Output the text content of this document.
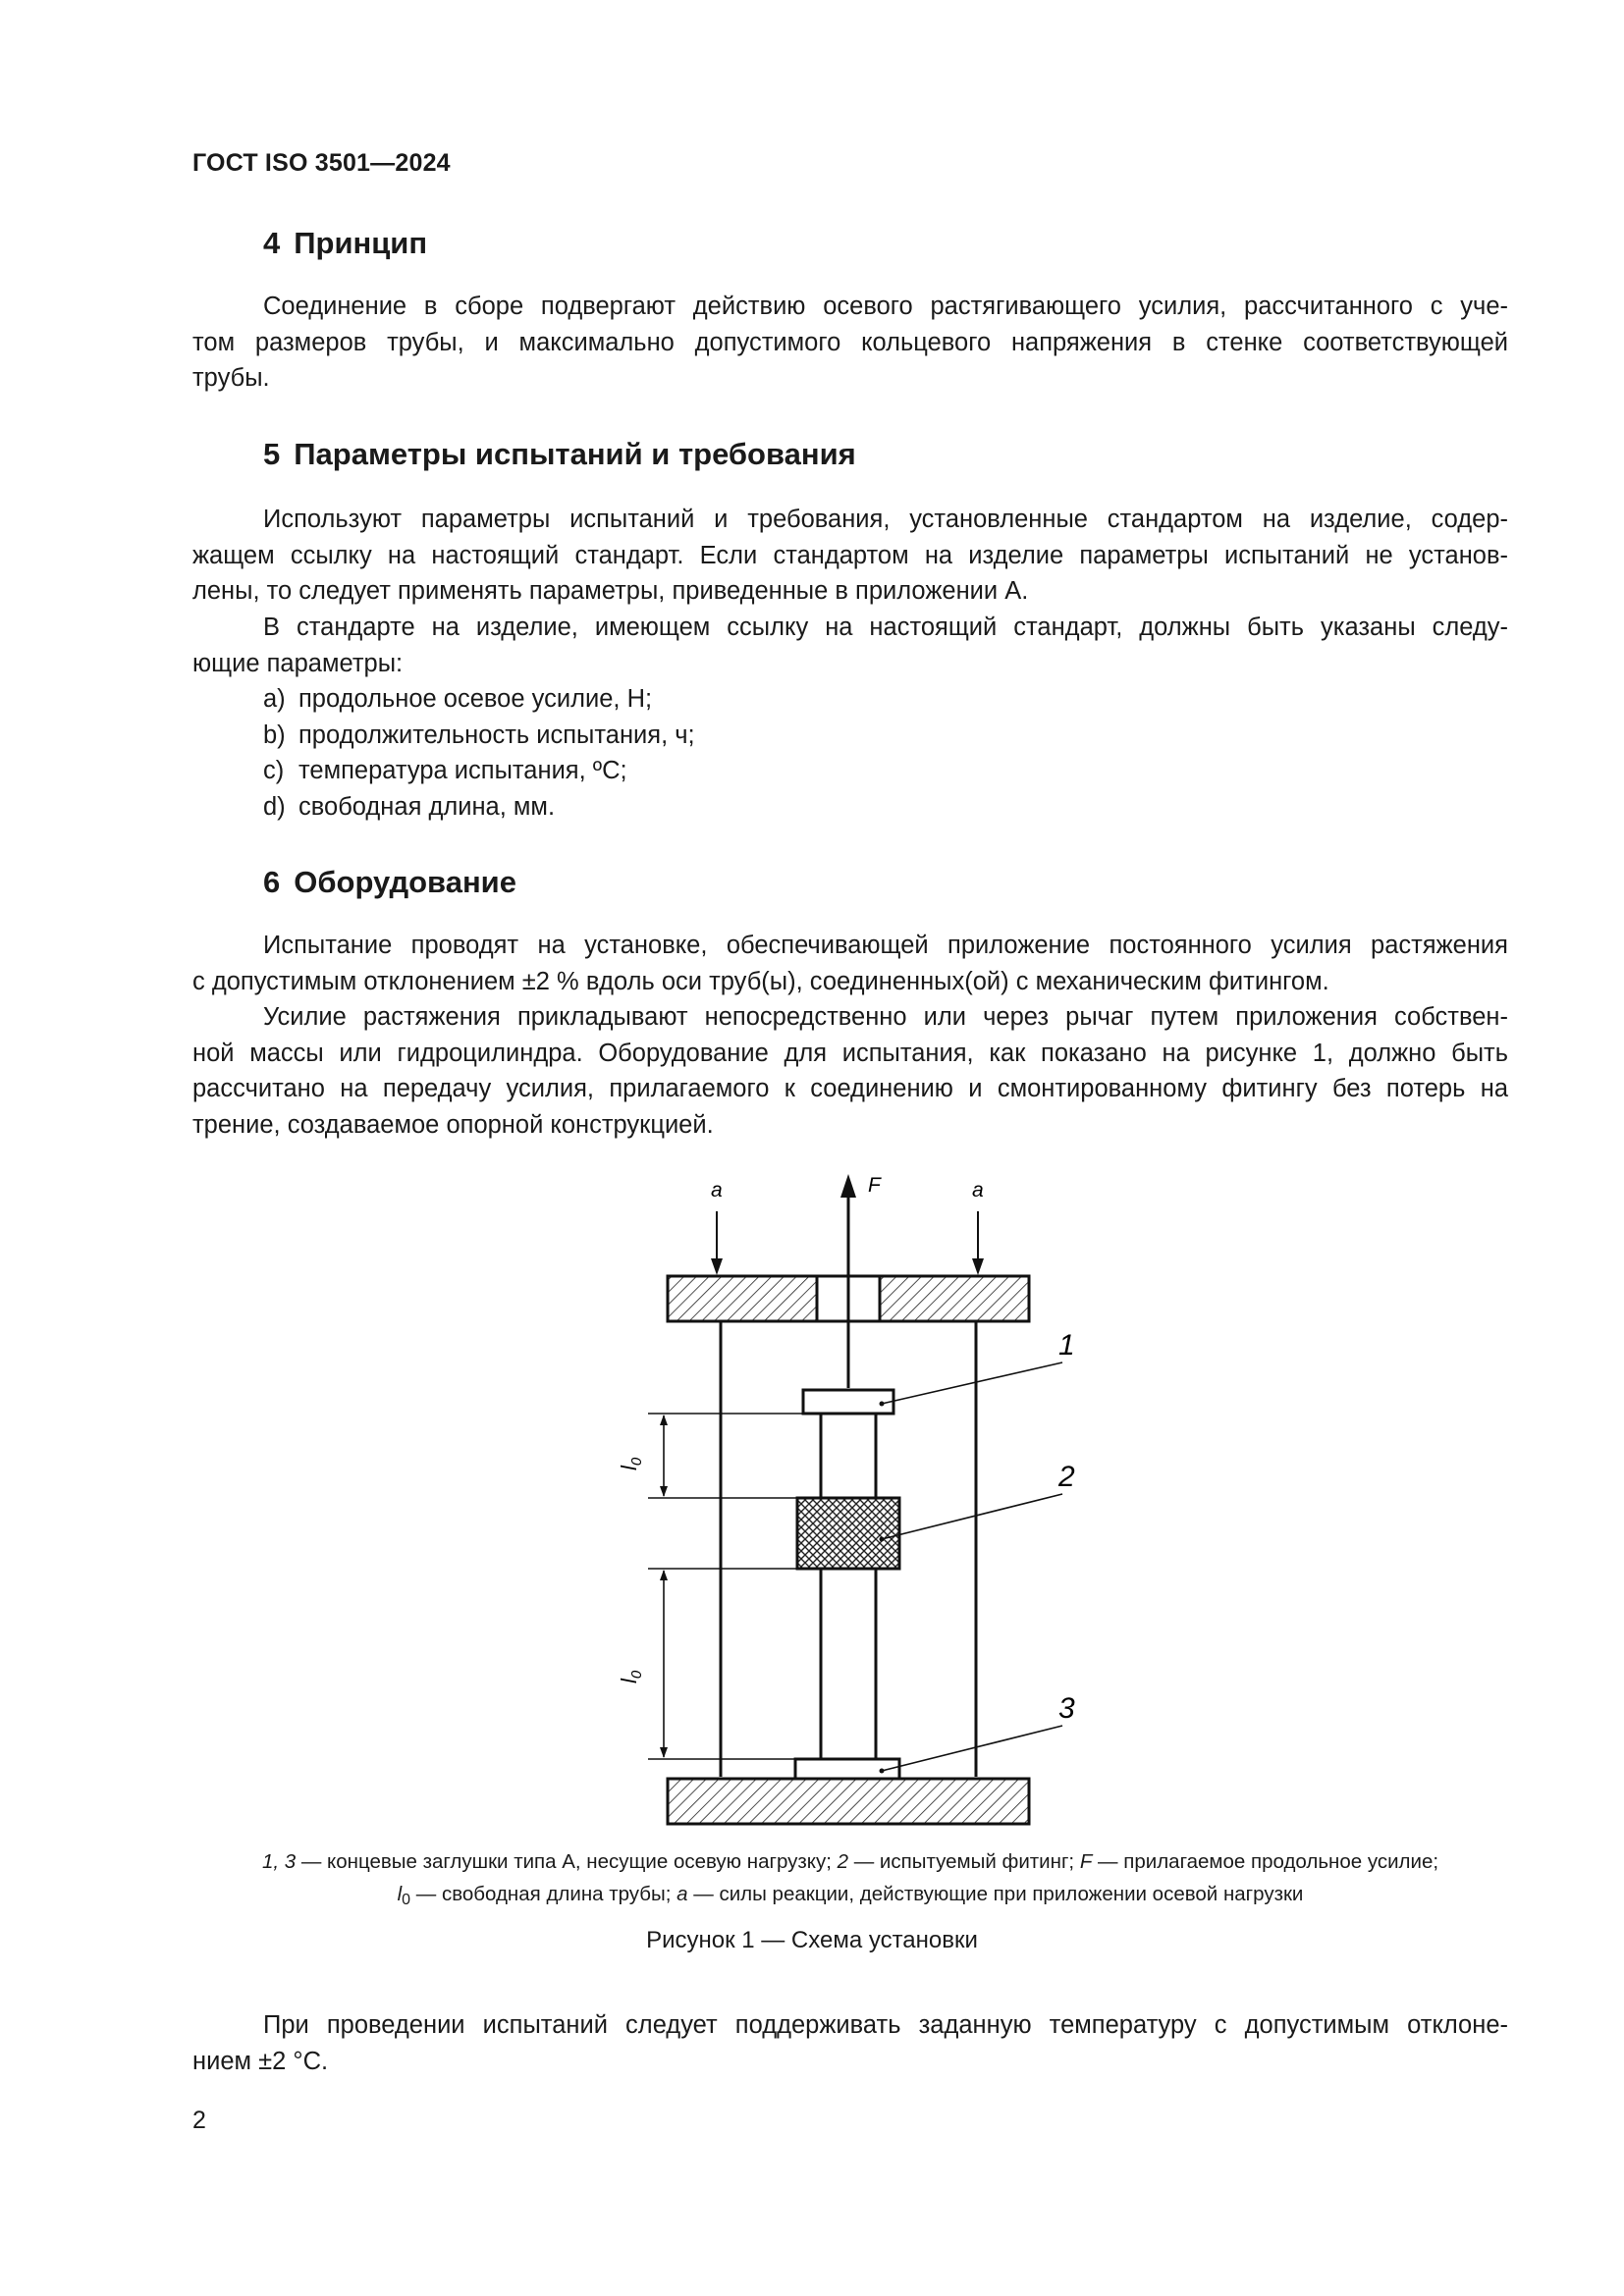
ГОСТ ISO 3501—2024
4 Принцип
Соединение в сборе подвергают действию осевого растягивающего усилия, рассчитанного с уче-
том размеров трубы, и максимально допустимого кольцевого напряжения в стенке соответствующей
трубы.
5 Параметры испытаний и требования
Используют параметры испытаний и требования, установленные стандартом на изделие, содер-
жащем ссылку на настоящий стандарт. Если стандартом на изделие параметры испытаний не установ-
лены, то следует применять параметры, приведенные в приложении А.
В стандарте на изделие, имеющем ссылку на настоящий стандарт, должны быть указаны следу-
ющие параметры:
a) продольное осевое усилие, Н;
b) продолжительность испытания, ч;
c) температура испытания, ºС;
d) свободная длина, мм.
6 Оборудование
Испытание проводят на установке, обеспечивающей приложение постоянного усилия растяжения
с допустимым отклонением ±2 % вдоль оси труб(ы), соединенных(ой) с механическим фитингом.
Усилие растяжения прикладывают непосредственно или через рычаг путем приложения собствен-
ной массы или гидроцилиндра. Оборудование для испытания, как показано на рисунке 1, должно быть
рассчитано на передачу усилия, прилагаемого к соединению и смонтированному фитингу без потерь на
трение, создаваемое опорной конструкцией.
a	a
F
$l_0$
$l_0$
1
2
3
1, 3 — концевые заглушки типа А, несущие осевую нагрузку; 2 — испытуемый фитинг; F — прилагаемое продольное усилие;
$l_0$ — свободная длина трубы; a — силы реакции, действующие при приложении осевой нагрузки
Рисунок 1 — Схема установки
При проведении испытаний следует поддерживать заданную температуру с допустимым отклоне-
нием ±2 °С.
2
